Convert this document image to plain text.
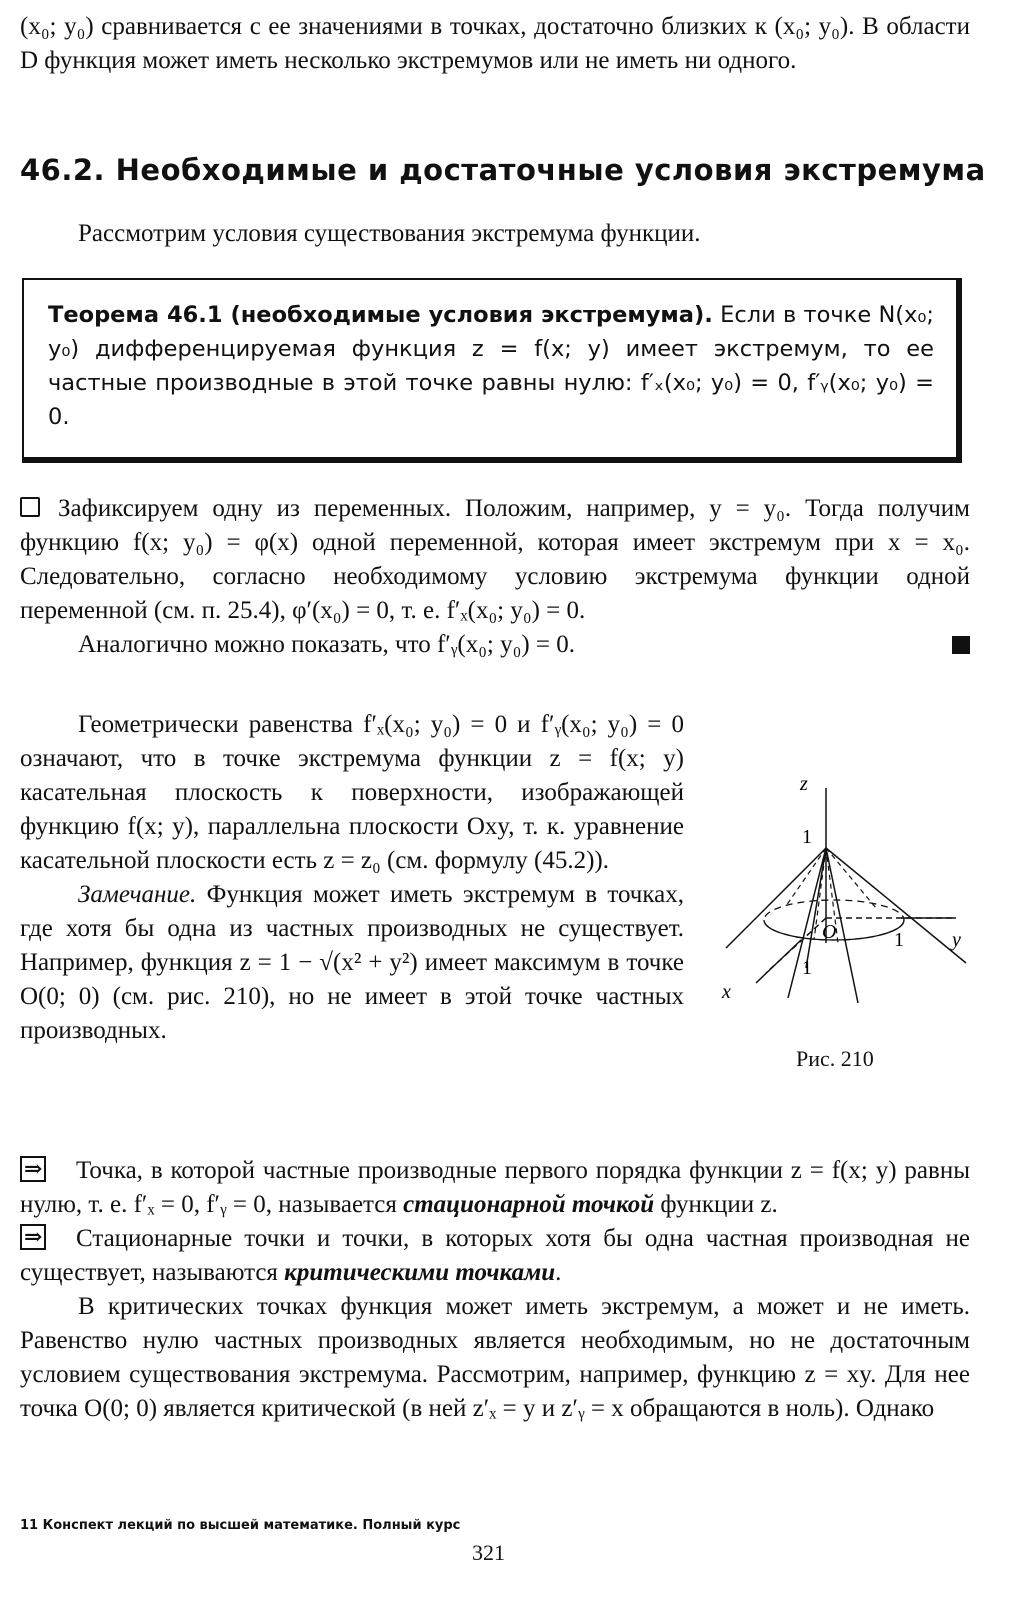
(x₀; y₀) сравнивается с ее значениями в точках, достаточно близких к (x₀; y₀). В области D функция может иметь несколько экстремумов или не иметь ни одного.

46.2. Необходимые и достаточные условия экстремума
Рассмотрим условия существования экстремума функции.
Теорема 46.1 (необходимые условия экстремума). Если в точке N(x₀; y₀) дифференцируемая функция z = f(x; y) имеет экстремум, то ее частные производные в этой точке равны нулю: f′ₓ(x₀; y₀) = 0, f′ᵧ(x₀; y₀) = 0.

Зафиксируем одну из переменных. Положим, например, y = y₀. Тогда получим функцию f(x; y₀) = φ(x) одной переменной, которая имеет экстремум при x = x₀. Следовательно, согласно необходимому условию экстремума функции одной переменной (см. п. 25.4), φ′(x₀) = 0, т. е. f′ₓ(x₀; y₀) = 0.

Аналогично можно показать, что f′ᵧ(x₀; y₀) = 0.

Геометрически равенства f′ₓ(x₀; y₀) = 0 и f′ᵧ(x₀; y₀) = 0 означают, что в точке экстремума функции z = f(x; y) касательная плоскость к поверхности, изображающей функцию f(x; y), параллельна плоскости Oxy, т. к. уравнение касательной плоскости есть z = z₀ (см. формулу (45.2)).

Замечание. Функция может иметь экстремум в точках, где хотя бы одна из частных производных не существует. Например, функция z = 1 − √(x² + y²) имеет максимум в точке O(0; 0) (см. рис. 210), но не имеет в этой точке частных производных.

z
1
O	1 y
1
x
Рис. 210

⇒Точка, в которой частные производные первого порядка функции z = f(x; y) равны нулю, т. е. f′ₓ = 0, f′ᵧ = 0, называется стационарной точкой функции z.

⇒Стационарные точки и точки, в которых хотя бы одна частная производная не существует, называются критическими точками.

В критических точках функция может иметь экстремум, а может и не иметь. Равенство нулю частных производных является необходимым, но не достаточным условием существования экстремума. Рассмотрим, например, функцию z = xy. Для нее точка O(0; 0) является критической (в ней z′ₓ = y и z′ᵧ = x обращаются в ноль). Однако

11 Конспект лекций по высшей математике. Полный курс
321
